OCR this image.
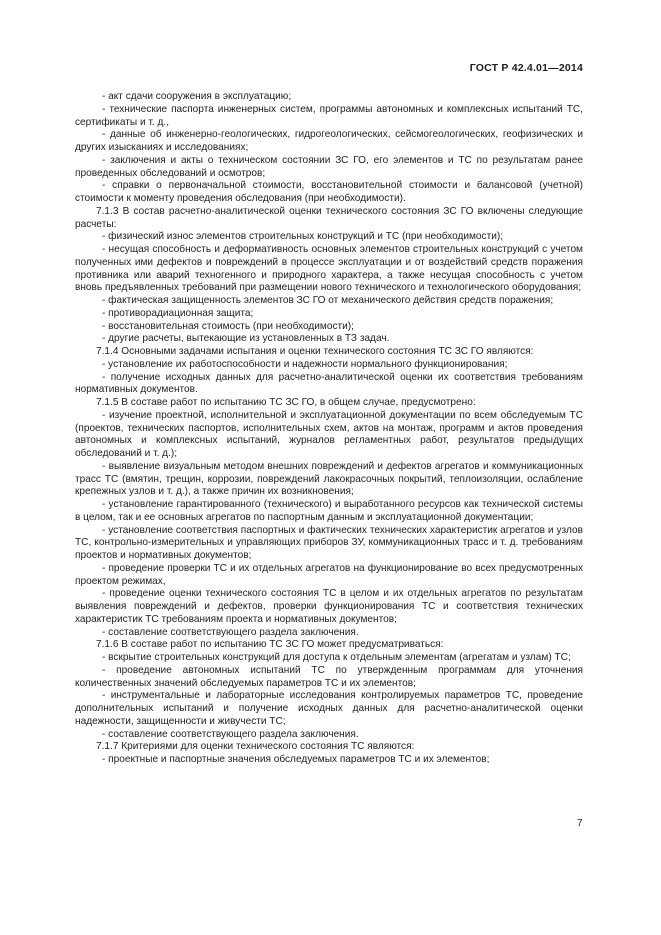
ГОСТ Р 42.4.01—2014

- акт сдачи сооружения в эксплуатацию;

- технические паспорта инженерных систем, программы автономных и комплексных испытаний ТС, сертификаты и т. д.,

- данные об инженерно-геологических, гидрогеологических, сейсмогеологических, геофизических и других изысканиях и исследованиях;

- заключения и акты о техническом состоянии ЗС ГО, его элементов и ТС по результатам ранее проведенных обследований и осмотров;

- справки о первоначальной стоимости, восстановительной стоимости и балансовой (учетной) стоимости к моменту проведения обследования (при необходимости).

7.1.3 В состав расчетно-аналитической оценки технического состояния ЗС ГО включены следующие расчеты:

- физический износ элементов строительных конструкций и ТС (при необходимости);

- несущая способность и деформативность основных элементов строительных конструкций с учетом полученных ими дефектов и повреждений в процессе эксплуатации и от воздействий средств поражения противника или аварий техногенного и природного характера, а также несущая способность с учетом вновь предъявленных требований при размещении нового технического и технологического оборудования;

- фактическая защищенность элементов ЗС ГО от механического действия средств поражения;

- противорадиационная защита;

- восстановительная стоимость (при необходимости);

- другие расчеты, вытекающие из установленных в ТЗ задач.

7.1.4 Основными задачами испытания и оценки технического состояния ТС ЗС ГО являются:

- установление их работоспособности и надежности нормального функционирования;

- получение исходных данных для расчетно-аналитической оценки их соответствия требованиям нормативных документов.

7.1.5 В составе работ по испытанию ТС ЗС ГО, в общем случае, предусмотрено:

- изучение проектной, исполнительной и эксплуатационной документации по всем обследуемым ТС (проектов, технических паспортов, исполнительных схем, актов на монтаж, программ и актов проведения автономных и комплексных испытаний, журналов регламентных работ, результатов предыдущих обследований и т. д.);

- выявление визуальным методом внешних повреждений и дефектов агрегатов и коммуникационных трасс ТС (вмятин, трещин, коррозии, повреждений лакокрасочных покрытий, теплоизоляции, ослабление крепежных узлов и т. д.), а также причин их возникновения;

- установление гарантированного (технического) и выработанного ресурсов как технической системы в целом, так и ее основных агрегатов по паспортным данным и эксплуатационной документации;

- установление соответствия паспортных и фактических технических характеристик агрегатов и узлов ТС, контрольно-измерительных и управляющих приборов ЗУ, коммуникационных трасс и т. д. требованиям проектов и нормативных документов;

- проведение проверки ТС и их отдельных агрегатов на функционирование во всех предусмотренных проектом режимах,

- проведение оценки технического состояния ТС в целом и их отдельных агрегатов по результатам выявления повреждений и дефектов, проверки функционирования ТС и соответствия технических характеристик ТС требованиям проекта и нормативных документов;

- составление соответствующего раздела заключения.

7.1.6 В составе работ по испытанию ТС ЗС ГО может предусматриваться:

- вскрытие строительных конструкций для доступа к отдельным элементам (агрегатам и узлам) ТС;

- проведение автономных испытаний ТС по утвержденным программам для уточнения количественных значений обследуемых параметров ТС и их элементов;

- инструментальные и лабораторные исследования контролируемых параметров ТС, проведение дополнительных испытаний и получение исходных данных для расчетно-аналитической оценки надежности, защищенности и живучести ТС;

- составление соответствующего раздела заключения.

7.1.7 Критериями для оценки технического состояния ТС являются:

- проектные и паспортные значения обследуемых параметров ТС и их элементов;

7
